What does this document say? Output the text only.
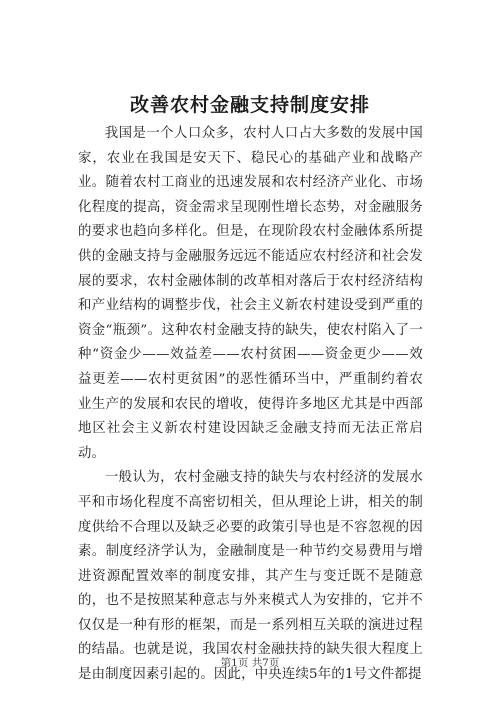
改善农村金融支持制度安排

我国是一个人口众多，农村人口占大多数的发展中国家，农业在我国是安天下、稳民心的基础产业和战略产业。随着农村工商业的迅速发展和农村经济产业化、市场化程度的提高，资金需求呈现刚性增长态势，对金融服务的要求也趋向多样化。但是，在现阶段农村金融体系所提供的金融支持与金融服务远远不能适应农村经济和社会发展的要求，农村金融体制的改革相对落后于农村经济结构和产业结构的调整步伐，社会主义新农村建设受到严重的资金“瓶颈”。这种农村金融支持的缺失，使农村陷入了一种“资金少——效益差——农村贫困——资金更少——效益更差——农村更贫困”的恶性循环当中，严重制约着农业生产的发展和农民的增收，使得许多地区尤其是中西部地区社会主义新农村建设因缺乏金融支持而无法正常启动。

一般认为，农村金融支持的缺失与农村经济的发展水平和市场化程度不高密切相关，但从理论上讲，相关的制度供给不合理以及缺乏必要的政策引导也是不容忽视的因素。制度经济学认为，金融制度是一种节约交易费用与增进资源配置效率的制度安排，其产生与变迁既不是随意的，也不是按照某种意志与外来模式人为安排的，它并不仅仅是一种有形的框架，而是一系列相互关联的演进过程的结晶。也就是说，我国农村金融扶持的缺失很大程度上是由制度因素引起的。因此，中央连续5年的1号文件都提

第1页 共7页
